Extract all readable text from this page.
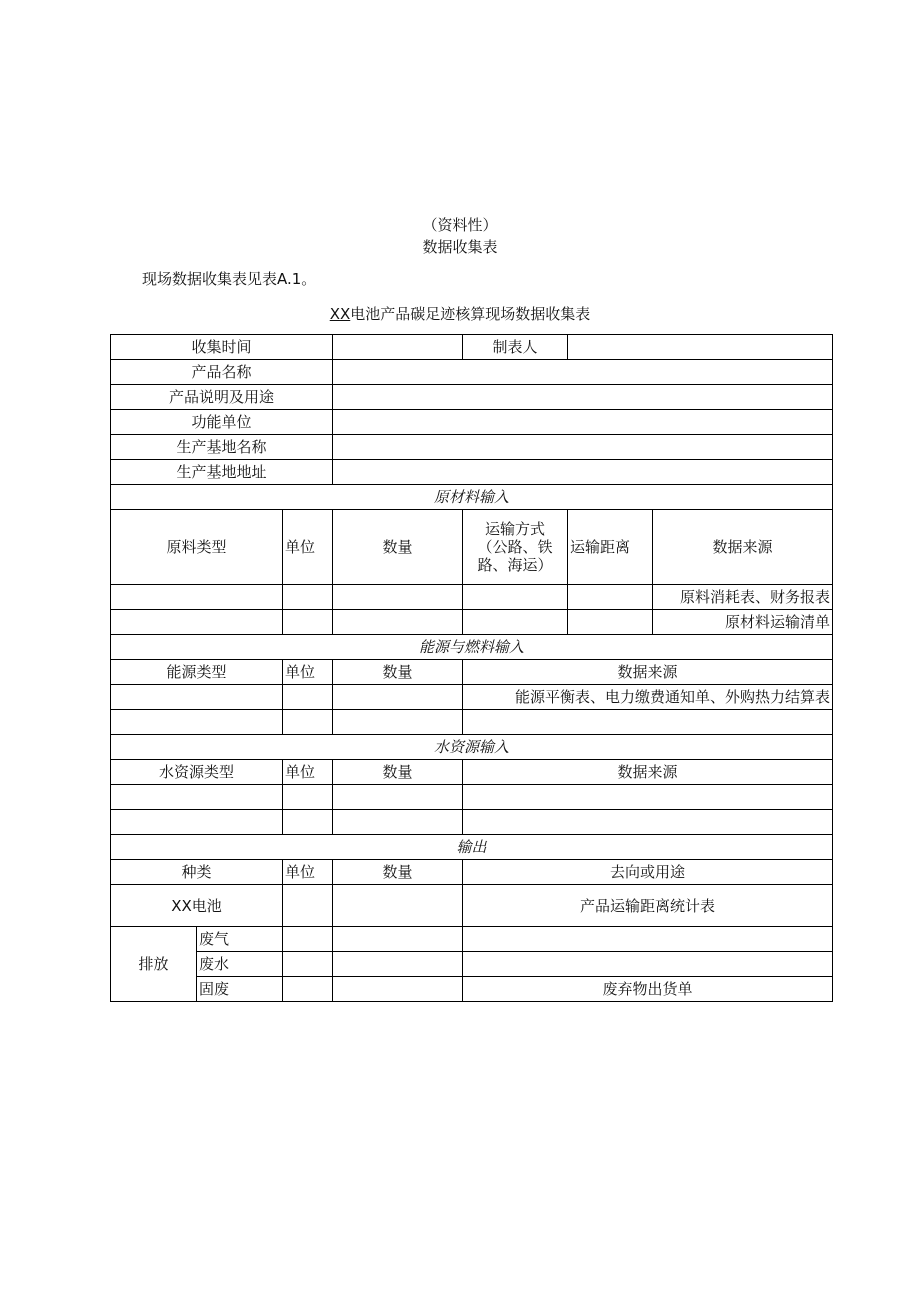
（资料性）
数据收集表
现场数据收集表见表A.1。
XX电池产品碳足迹核算现场数据收集表
收集时间				制表人		
产品名称						
产品说明及用途						
功能单位						
生产基地名称						
生产基地地址						
原材料输入						
原料类型		单位	数量	运输方式（公路、铁路、海运）	运输距离	数据来源
						原料消耗表、财务报表
						原材料运输清单
能源与燃料输入						
能源类型		单位	数量	数据来源		
				能源平衡表、电力缴费通知单、外购热力结算表		

水资源输入						
水资源类型		单位	数量	数据来源		

输出						
种类		单位	数量	去向或用途		
XX电池				产品运输距离统计表		
排放	废气					
	废水					
	固废			废弃物出货单		
